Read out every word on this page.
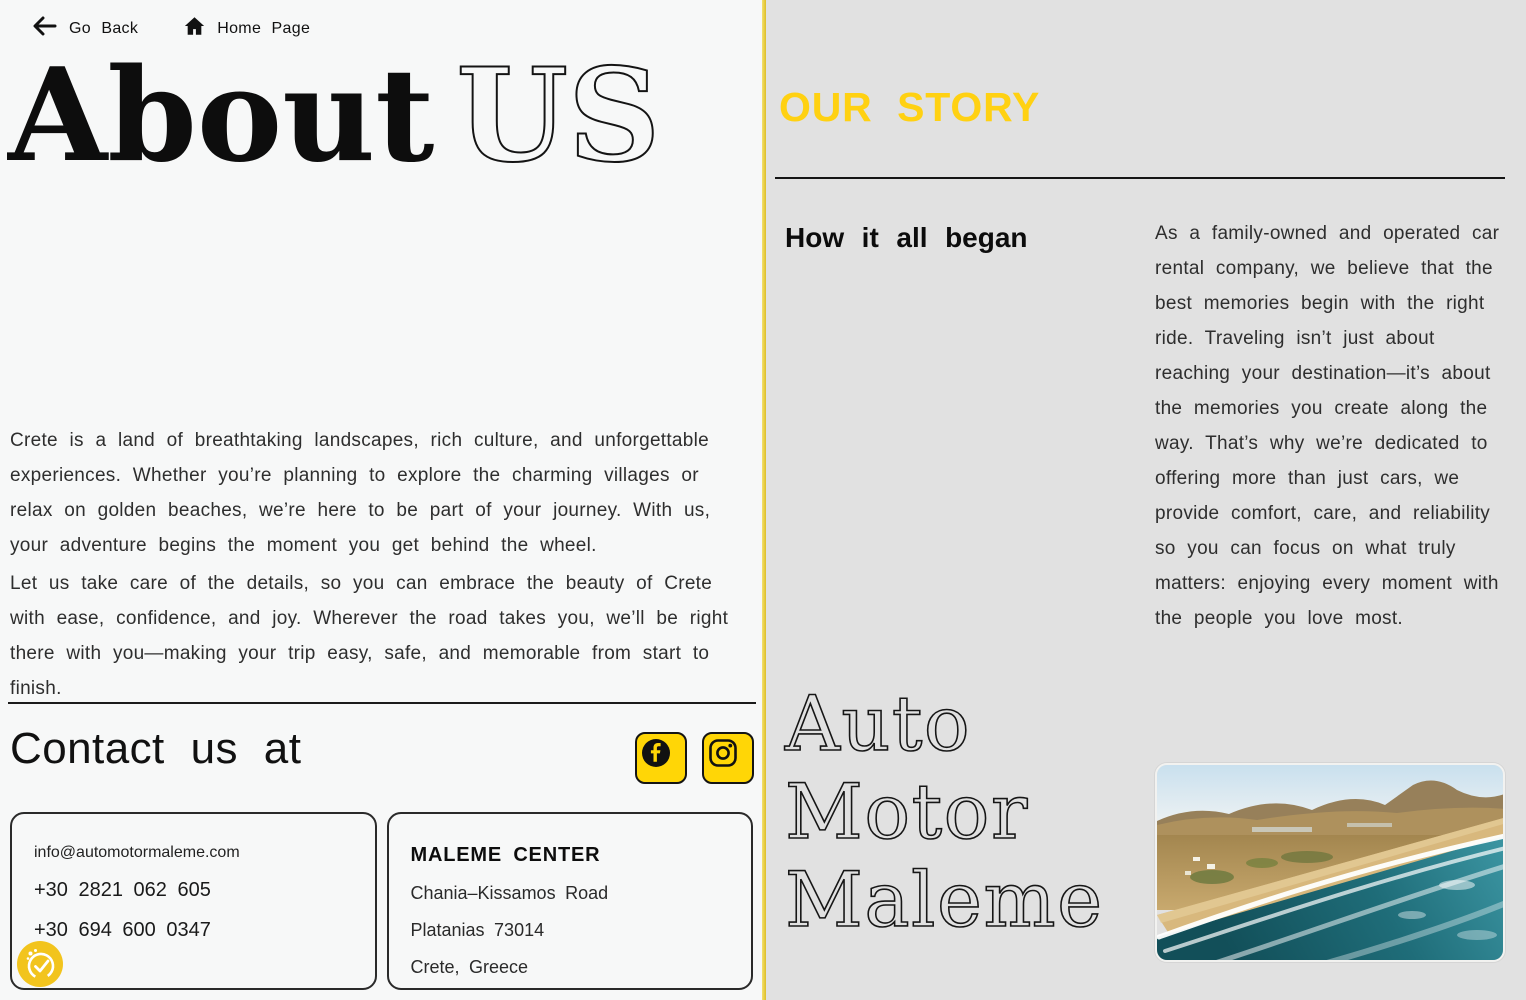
Go Back	Home Page
About US

Crete is a land of breathtaking landscapes, rich culture, and unforgettable experiences. Whether you’re planning to explore the charming villages or relax on golden beaches, we’re here to be part of your journey. With us, your adventure begins the moment you get behind the wheel.

Let us take care of the details, so you can embrace the beauty of Crete with ease, confidence, and joy. Wherever the road takes you, we’ll be right there with you—making your trip easy, safe, and memorable from start to finish.

Contact us at
info@automotormaleme.com
+30 2821 062 605
+30 694 600 0347
MALEME CENTER
Chania–Kissamos Road
Platanias 73014
Crete, Greece
OUR STORY
How it all began	As a family-owned and operated car rental company, we believe that the best memories begin with the right ride. Traveling isn’t just about reaching your destination—it’s about the memories you create along the way. That’s why we’re dedicated to offering more than just cars, we provide comfort, care, and reliability so you can focus on what truly matters: enjoying every moment with the people you love most.

Auto
Motor
Maleme
